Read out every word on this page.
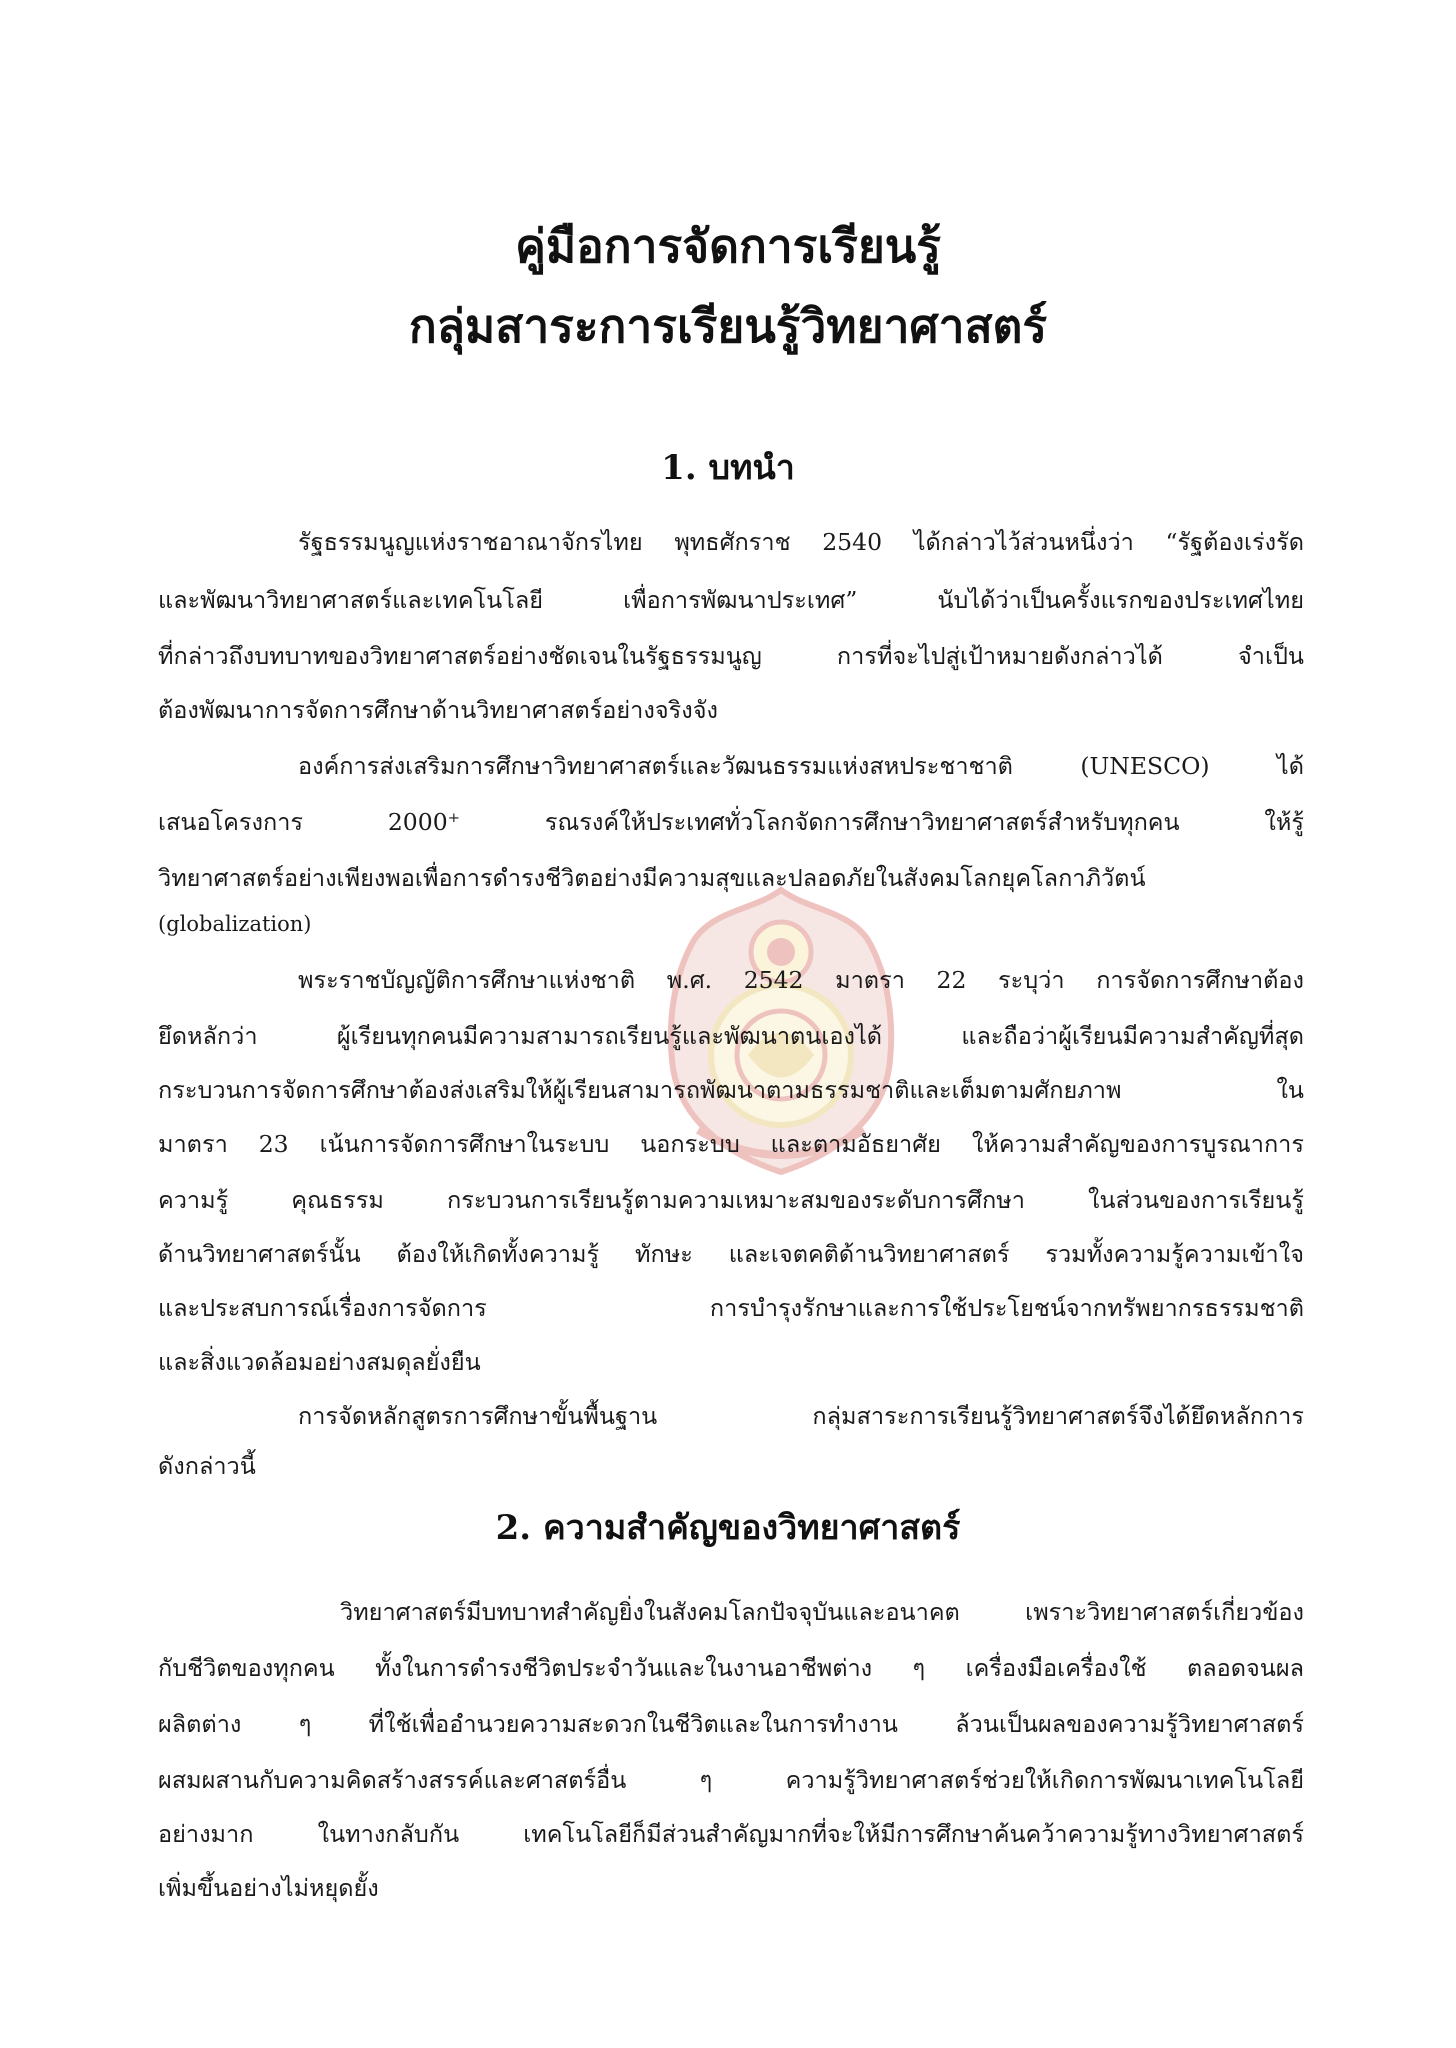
คู่มือการจัดการเรียนรู้
กลุ่มสาระการเรียนรู้วิทยาศาสตร์
1. บทนำ
รัฐธรรมนูญแห่งราชอาณาจักรไทย พุทธศักราช 2540 ได้กล่าวไว้ส่วนหนึ่งว่า “รัฐต้องเร่งรัด
และพัฒนาวิทยาศาสตร์และเทคโนโลยี เพื่อการพัฒนาประเทศ” นับได้ว่าเป็นครั้งแรกของประเทศไทย
ที่กล่าวถึงบทบาทของวิทยาศาสตร์อย่างชัดเจนในรัฐธรรมนูญ การที่จะไปสู่เป้าหมายดังกล่าวได้ จำเป็น
ต้องพัฒนาการจัดการศึกษาด้านวิทยาศาสตร์อย่างจริงจัง
องค์การส่งเสริมการศึกษาวิทยาศาสตร์และวัฒนธรรมแห่งสหประชาชาติ (UNESCO) ได้
เสนอโครงการ 2000⁺ รณรงค์ให้ประเทศทั่วโลกจัดการศึกษาวิทยาศาสตร์สำหรับทุกคน ให้รู้
วิทยาศาสตร์อย่างเพียงพอเพื่อการดำรงชีวิตอย่างมีความสุขและปลอดภัยในสังคมโลกยุคโลกาภิวัตน์
(globalization)
พระราชบัญญัติการศึกษาแห่งชาติ พ.ศ. 2542 มาตรา 22 ระบุว่า การจัดการศึกษาต้อง
ยึดหลักว่า ผู้เรียนทุกคนมีความสามารถเรียนรู้และพัฒนาตนเองได้ และถือว่าผู้เรียนมีความสำคัญที่สุด
กระบวนการจัดการศึกษาต้องส่งเสริมให้ผู้เรียนสามารถพัฒนาตามธรรมชาติและเต็มตามศักยภาพ ใน
มาตรา 23 เน้นการจัดการศึกษาในระบบ นอกระบบ และตามอัธยาศัย ให้ความสำคัญของการบูรณาการ
ความรู้ คุณธรรม กระบวนการเรียนรู้ตามความเหมาะสมของระดับการศึกษา ในส่วนของการเรียนรู้
ด้านวิทยาศาสตร์นั้น ต้องให้เกิดทั้งความรู้ ทักษะ และเจตคติด้านวิทยาศาสตร์ รวมทั้งความรู้ความเข้าใจ
และประสบการณ์เรื่องการจัดการ การบำรุงรักษาและการใช้ประโยชน์จากทรัพยากรธรรมชาติ
และสิ่งแวดล้อมอย่างสมดุลยั่งยืน
การจัดหลักสูตรการศึกษาขั้นพื้นฐาน กลุ่มสาระการเรียนรู้วิทยาศาสตร์จึงได้ยึดหลักการ
ดังกล่าวนี้
2. ความสำคัญของวิทยาศาสตร์
วิทยาศาสตร์มีบทบาทสำคัญยิ่งในสังคมโลกปัจจุบันและอนาคต เพราะวิทยาศาสตร์เกี่ยวข้อง
กับชีวิตของทุกคน ทั้งในการดำรงชีวิตประจำวันและในงานอาชีพต่าง ๆ เครื่องมือเครื่องใช้ ตลอดจนผล
ผลิตต่าง ๆ ที่ใช้เพื่ออำนวยความสะดวกในชีวิตและในการทำงาน ล้วนเป็นผลของความรู้วิทยาศาสตร์
ผสมผสานกับความคิดสร้างสรรค์และศาสตร์อื่น ๆ ความรู้วิทยาศาสตร์ช่วยให้เกิดการพัฒนาเทคโนโลยี
อย่างมาก ในทางกลับกัน เทคโนโลยีก็มีส่วนสำคัญมากที่จะให้มีการศึกษาค้นคว้าความรู้ทางวิทยาศาสตร์
เพิ่มขึ้นอย่างไม่หยุดยั้ง
